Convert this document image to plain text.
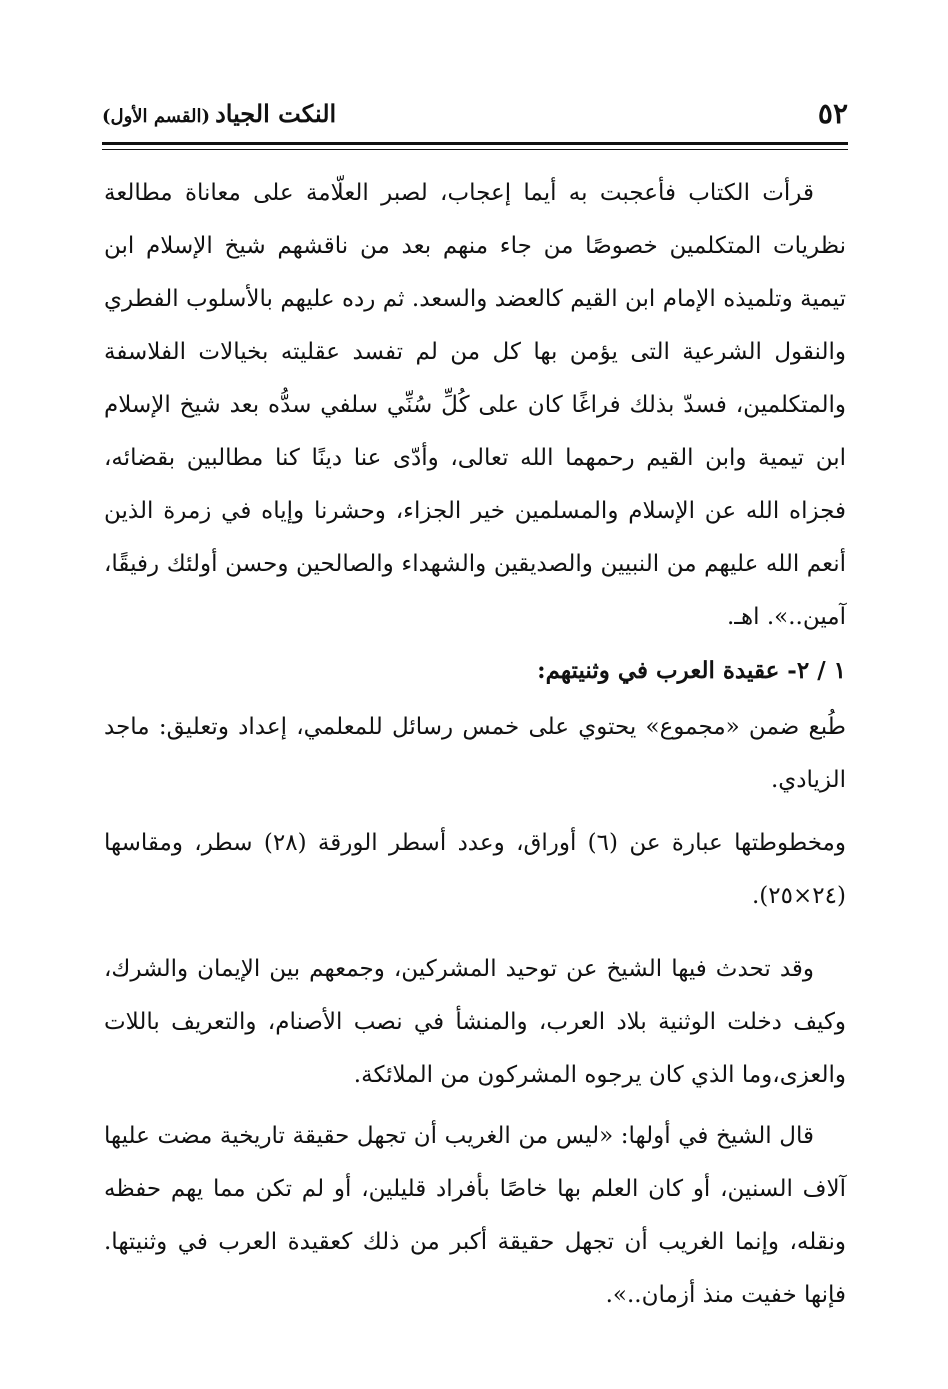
٥٢
النكت الجياد (القسم الأول)

قرأت الكتاب فأعجبت به أيما إعجاب، لصبر العلّامة على معاناة مطالعة نظريات المتكلمين خصوصًا من جاء منهم بعد من ناقشهم شيخ الإسلام ابن تيمية وتلميذه الإمام ابن القيم كالعضد والسعد. ثم رده عليهم بالأسلوب الفطري والنقول الشرعية التى يؤمن بها كل من لم تفسد عقليته بخيالات الفلاسفة والمتكلمين، فسدّ بذلك فراغًا كان على كُلِّ سُنِّي سلفي سدُّه بعد شيخ الإسلام ابن تيمية وابن القيم رحمهما الله تعالى، وأدّى عنا دينًا كنا مطالبين بقضائه، فجزاه الله عن الإسلام والمسلمين خير الجزاء، وحشرنا وإياه في زمرة الذين أنعم الله عليهم من النبيين والصديقين والشهداء والصالحين وحسن أولئك رفيقًا، آمين..». اهـ.

١ / ٢- عقيدة العرب في وثنيتهم:

طُبع ضمن «مجموع» يحتوي على خمس رسائل للمعلمي، إعداد وتعليق: ماجد الزيادي.

ومخطوطتها عبارة عن (٦) أوراق، وعدد أسطر الورقة (٢٨) سطر، ومقاسها (٢٤×٢٥).

وقد تحدث فيها الشيخ عن توحيد المشركين، وجمعهم بين الإيمان والشرك، وكيف دخلت الوثنية بلاد العرب، والمنشأ في نصب الأصنام، والتعريف باللات والعزى،وما الذي كان يرجوه المشركون من الملائكة.

قال الشيخ في أولها: «ليس من الغريب أن تجهل حقيقة تاريخية مضت عليها آلاف السنين، أو كان العلم بها خاصًا بأفراد قليلين، أو لم تكن مما يهم حفظه ونقله، وإنما الغريب أن تجهل حقيقة أكبر من ذلك كعقيدة العرب في وثنيتها. فإنها خفيت منذ أزمان..».
